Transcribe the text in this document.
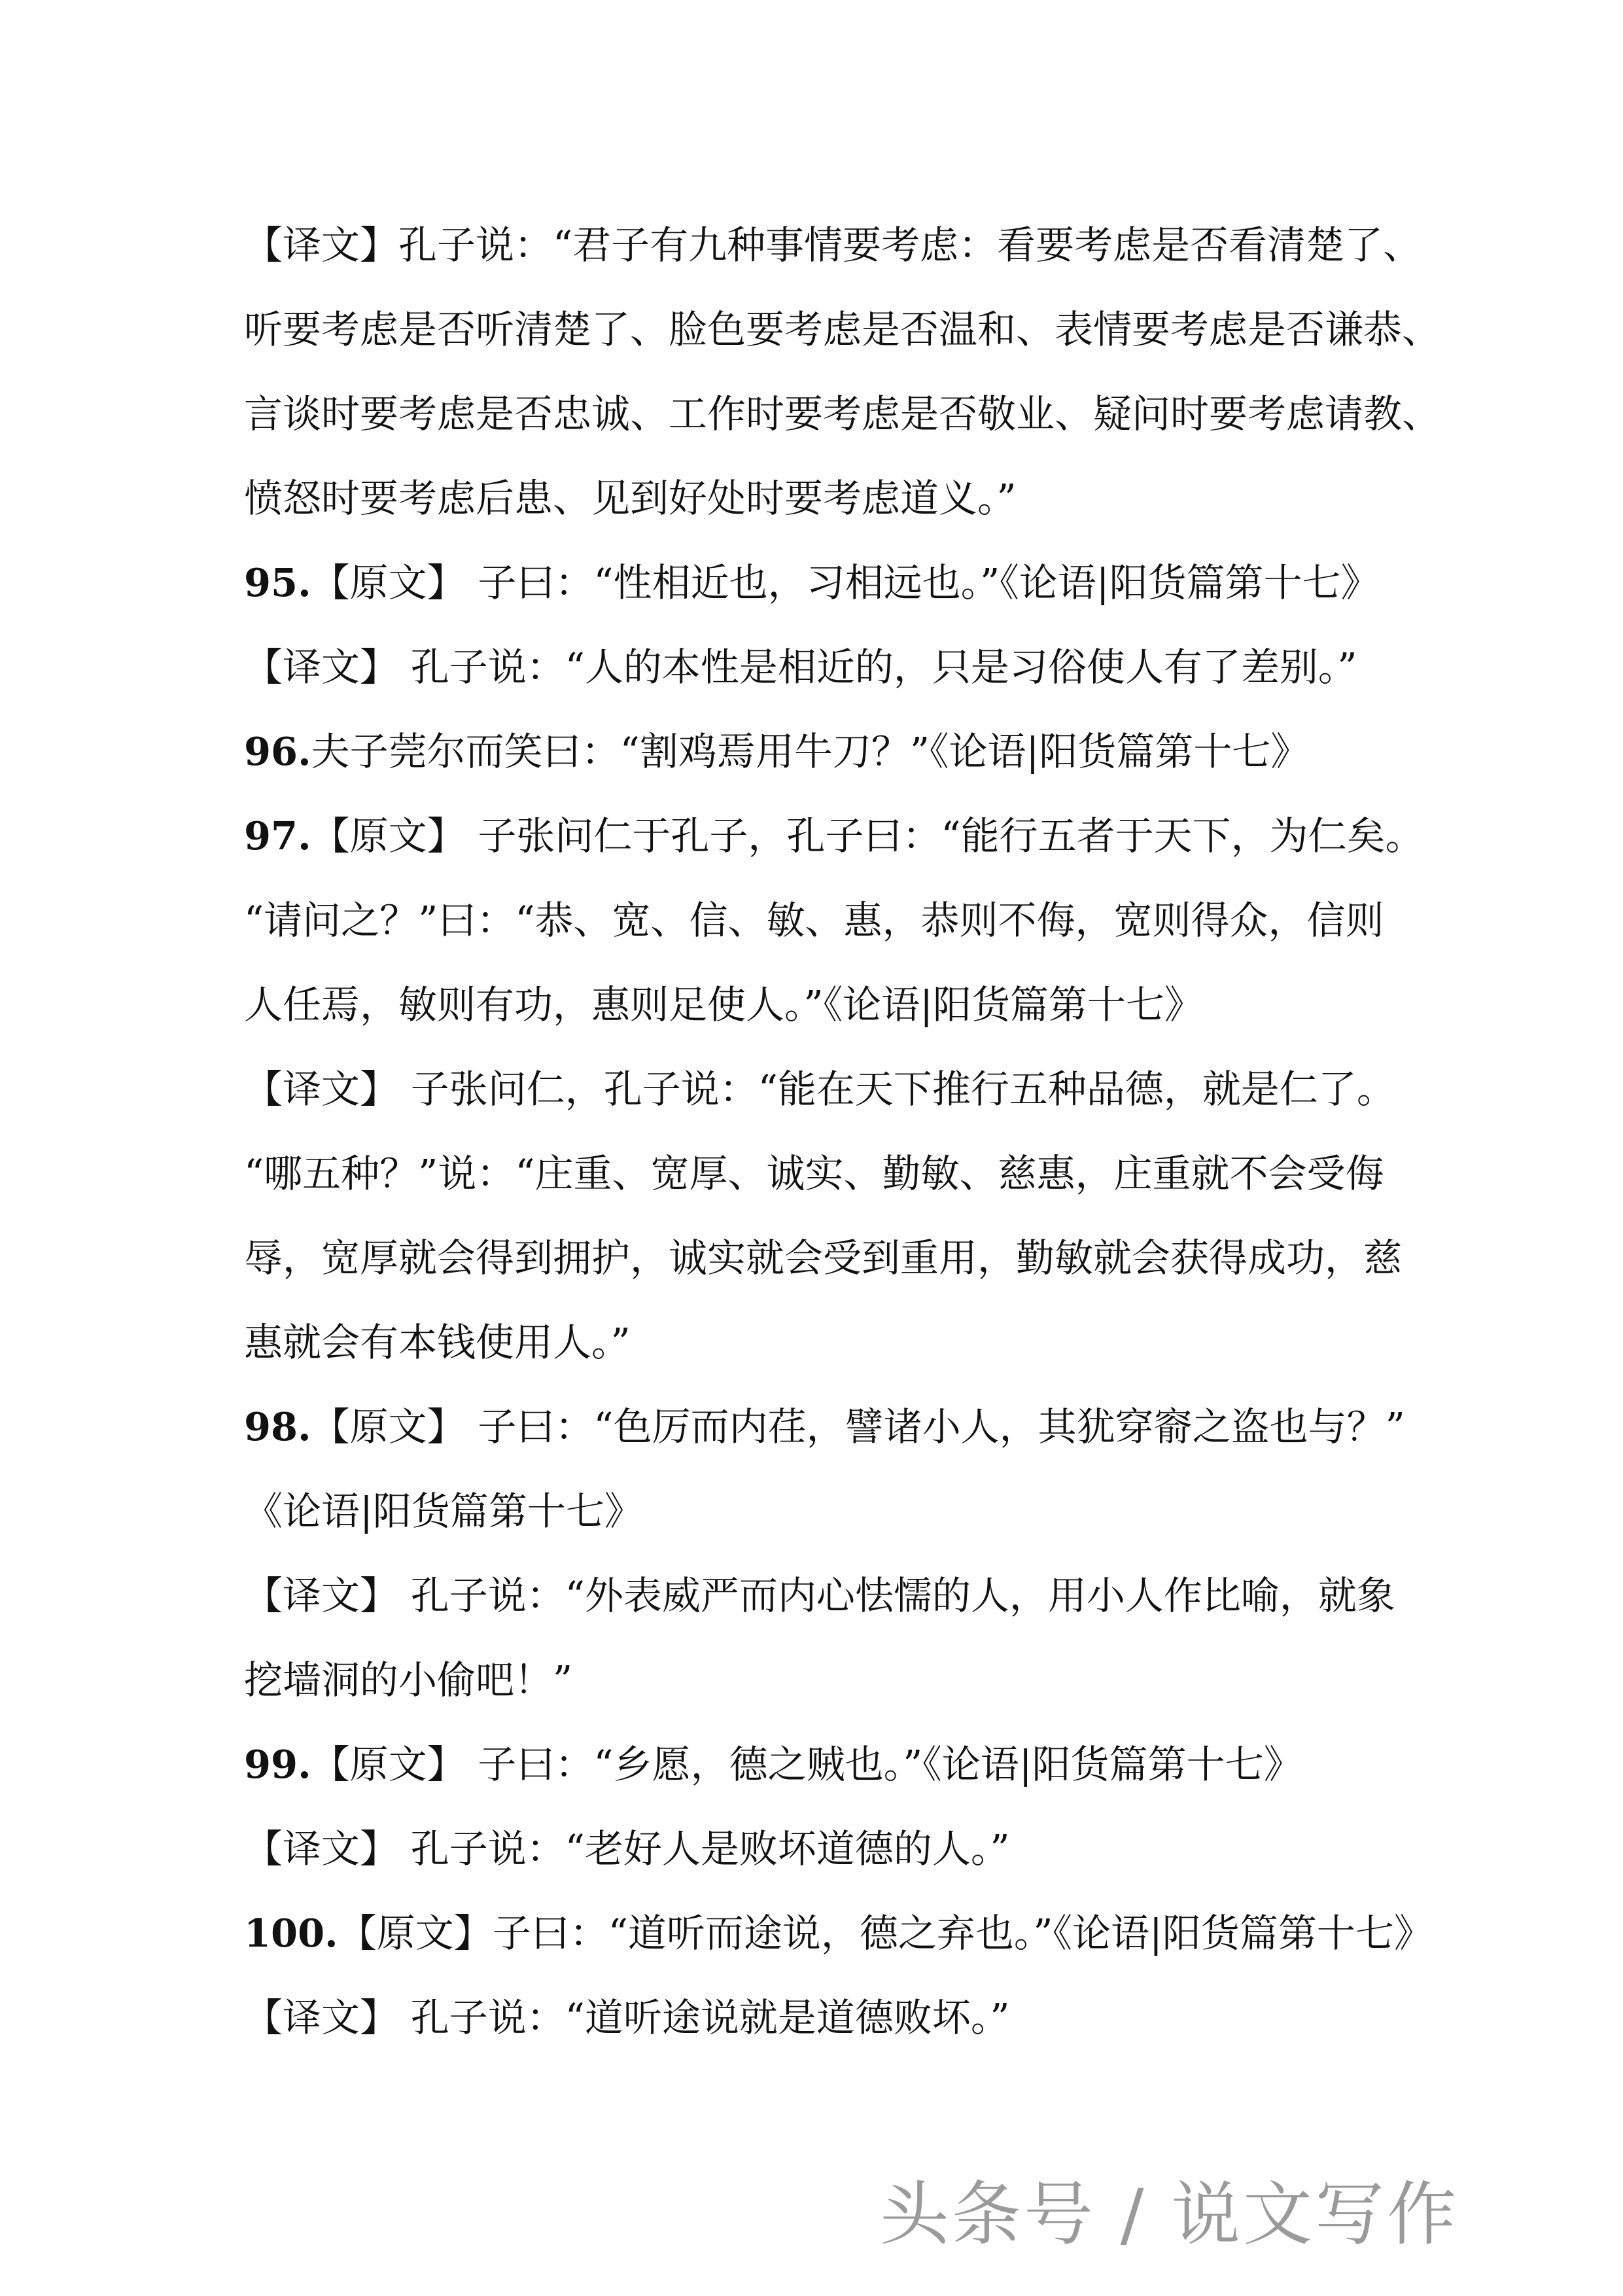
【译文】孔子说：“君子有九种事情要考虑：看要考虑是否看清楚了、
听要考虑是否听清楚了、脸色要考虑是否温和、表情要考虑是否谦恭、
言谈时要考虑是否忠诚、工作时要考虑是否敬业、疑问时要考虑请教、
愤怒时要考虑后患、见到好处时要考虑道义。”
95.【原文】 子曰：“性相近也，习相远也。”《论语|阳货篇第十七》
【译文】 孔子说：“人的本性是相近的，只是习俗使人有了差别。”
96.夫子莞尔而笑曰：“割鸡焉用牛刀？”《论语|阳货篇第十七》
97.【原文】 子张问仁于孔子，孔子曰：“能行五者于天下，为仁矣。
“请问之？”曰：“恭、宽、信、敏、惠，恭则不侮，宽则得众，信则
人任焉，敏则有功，惠则足使人。”《论语|阳货篇第十七》
【译文】 子张问仁，孔子说：“能在天下推行五种品德，就是仁了。
“哪五种？”说：“庄重、宽厚、诚实、勤敏、慈惠，庄重就不会受侮
辱，宽厚就会得到拥护，诚实就会受到重用，勤敏就会获得成功，慈
惠就会有本钱使用人。”
98.【原文】 子曰：“色厉而内荏，譬诸小人，其犹穿窬之盗也与？”
《论语|阳货篇第十七》
【译文】 孔子说：“外表威严而内心怯懦的人，用小人作比喻，就象
挖墙洞的小偷吧！”
99.【原文】 子曰：“乡愿，德之贼也。”《论语|阳货篇第十七》
【译文】 孔子说：“老好人是败坏道德的人。”
100.【原文】子曰：“道听而途说，德之弃也。”《论语|阳货篇第十七》
【译文】 孔子说：“道听途说就是道德败坏。”
头条号 / 说文写作
